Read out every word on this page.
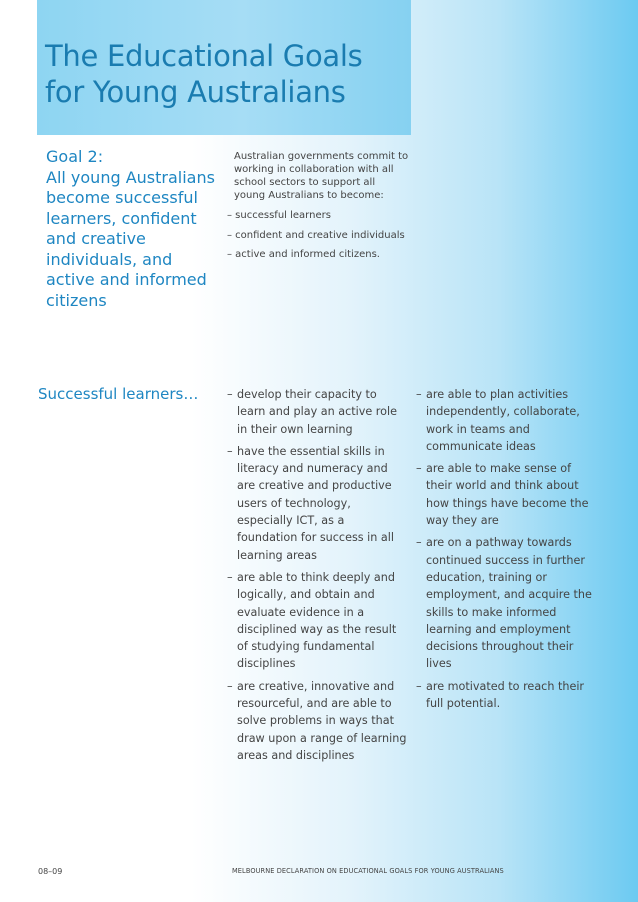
The Educational Goals for Young Australians
Goal 2:
All young Australians become successful learners, confident and creative individuals, and active and informed citizens
Australian governments commit to working in collaboration with all school sectors to support all young Australians to become:
– successful learners
– confident and creative individuals
– active and informed citizens.
Successful learners…	– develop their capacity to learn and play an active role in their own learning
– have the essential skills in literacy and numeracy and are creative and productive users of technology, especially ICT, as a foundation for success in all learning areas
– are able to think deeply and logically, and obtain and evaluate evidence in a disciplined way as the result of studying fundamental disciplines
– are creative, innovative and resourceful, and are able to solve problems in ways that draw upon a range of learning areas and disciplines
– are able to plan activities independently, collaborate, work in teams and communicate ideas
– are able to make sense of their world and think about how things have become the way they are
– are on a pathway towards continued success in further education, training or employment, and acquire the skills to make informed learning and employment decisions throughout their lives
– are motivated to reach their full potential.
08–09	MELBOURNE DECLARATION ON EDUCATIONAL GOALS FOR YOUNG AUSTRALIANS
